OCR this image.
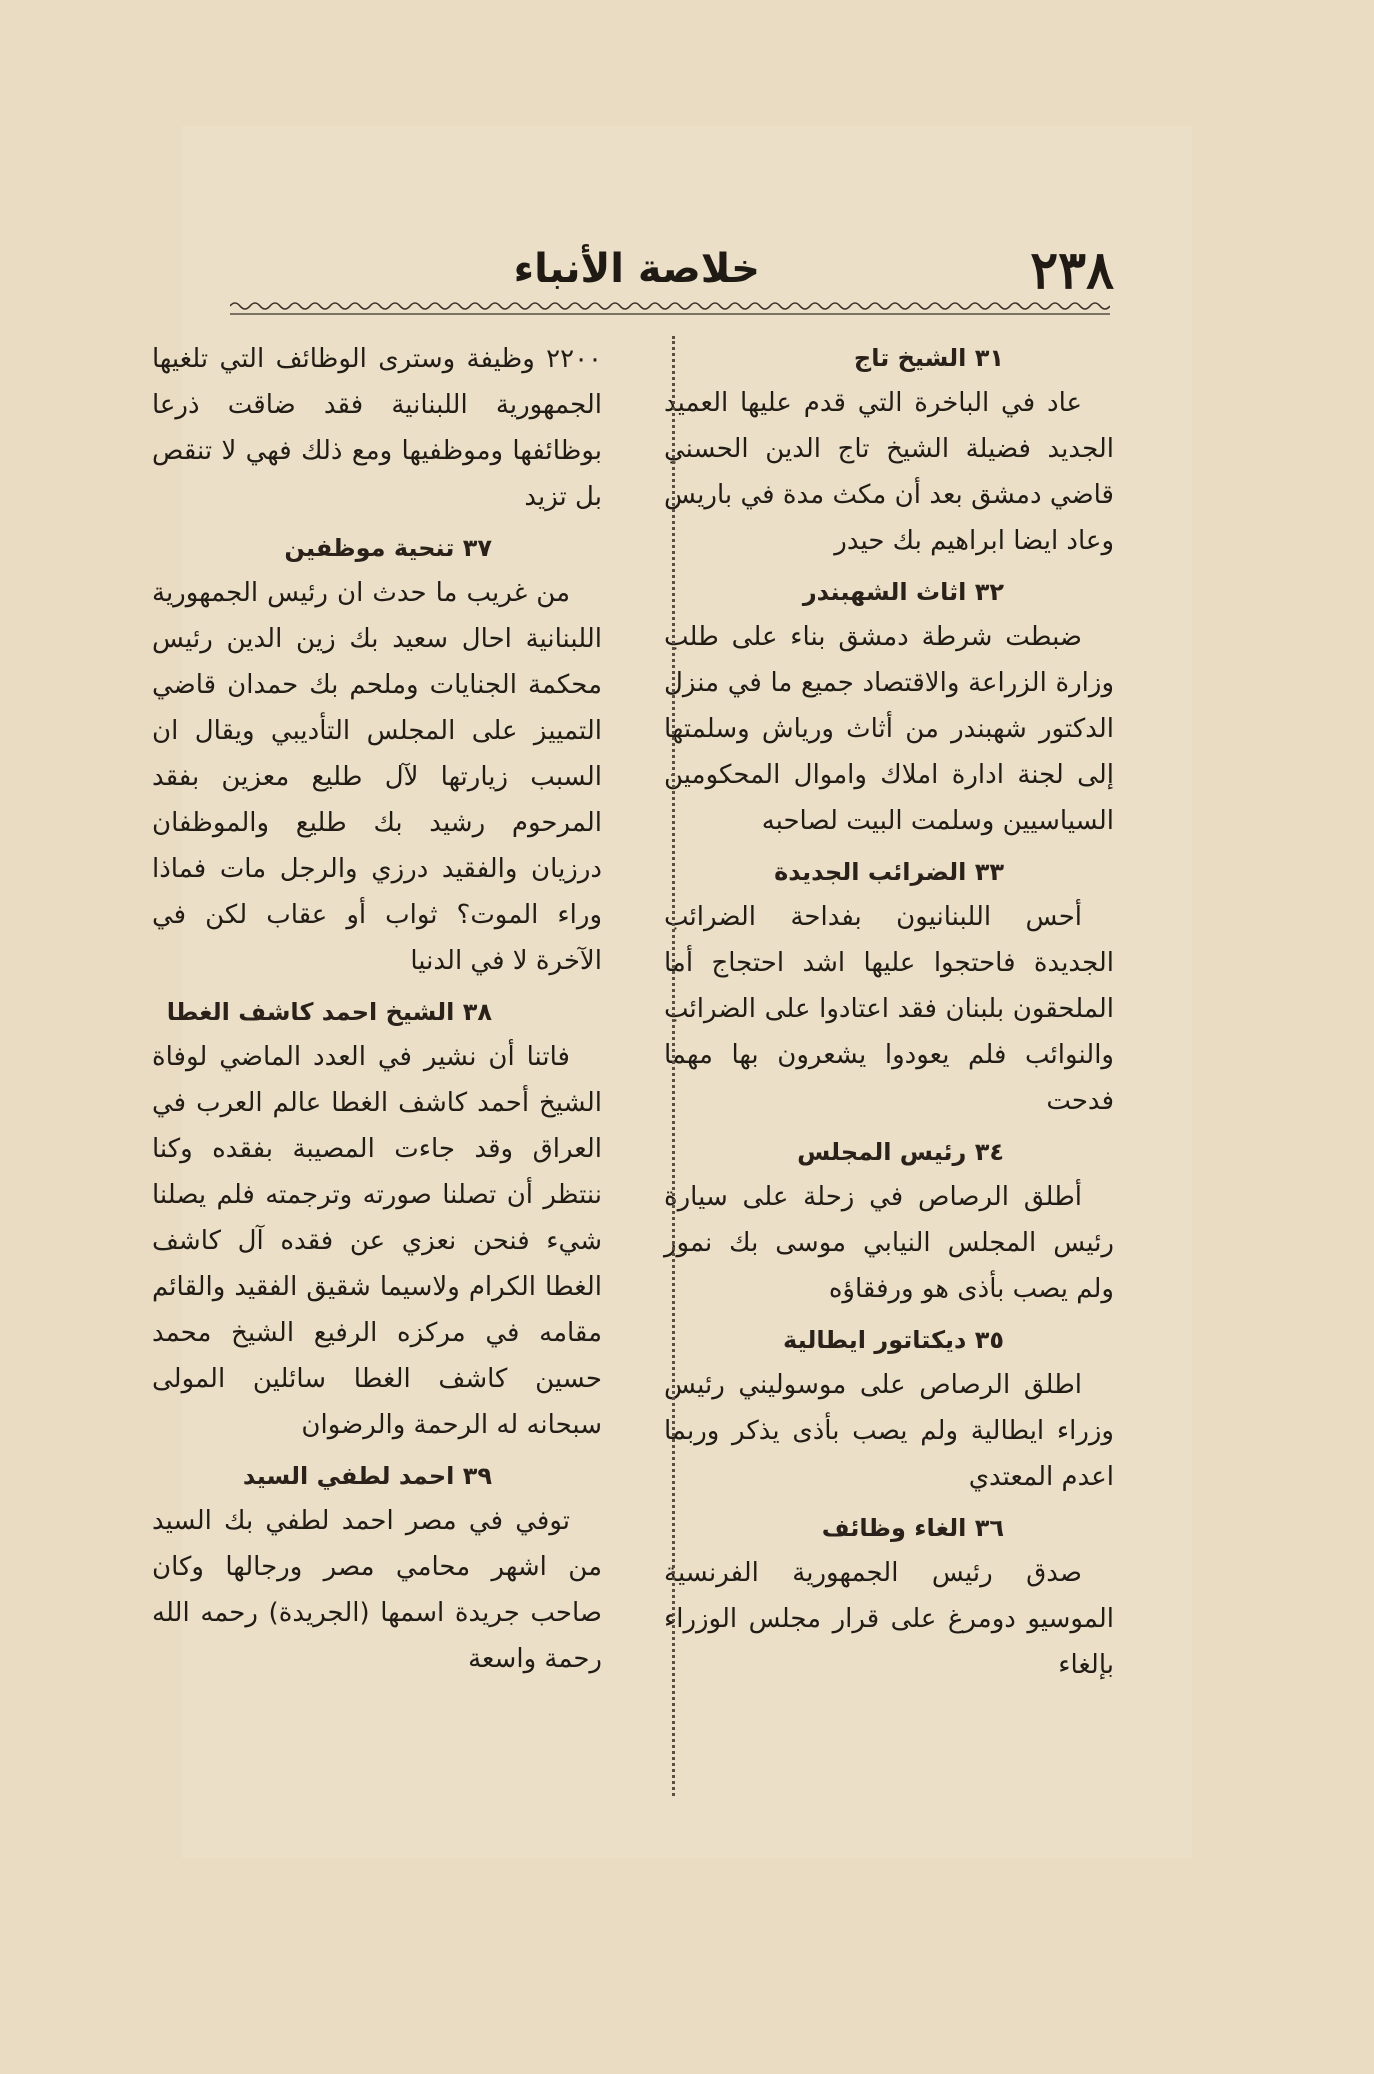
٢٣٨
خلاصة الأنباء

٣١ الشيخ تاج

عاد في الباخرة التي قدم عليها العميد الجديد فضيلة الشيخ تاج الدين الحسني قاضي دمشق بعد أن مكث مدة في باريس وعاد ايضا ابراهيم بك حيدر

٣٢ اثاث الشهبندر

ضبطت شرطة دمشق بناء على طلب وزارة الزراعة والاقتصاد جميع ما في منزل الدكتور شهبندر من أثاث ورياش وسلمتها إلى لجنة ادارة املاك واموال المحكومين السياسيين وسلمت البيت لصاحبه

٣٣ الضرائب الجديدة

أحس اللبنانيون بفداحة الضرائب الجديدة فاحتجوا عليها اشد احتجاج أما الملحقون بلبنان فقد اعتادوا على الضرائب والنوائب فلم يعودوا يشعرون بها مهما فدحت

٣٤ رئيس المجلس

أطلق الرصاص في زحلة على سيارة رئيس المجلس النيابي موسى بك نمور ولم يصب بأذى هو ورفقاؤه

٣٥ ديكتاتور ايطالية

اطلق الرصاص على موسوليني رئيس وزراء ايطالية ولم يصب بأذى يذكر وربما اعدم المعتدي

٣٦ الغاء وظائف

صدق رئيس الجمهورية الفرنسية الموسيو دومرغ على قرار مجلس الوزراء بإلغاء

٢٢٠٠ وظيفة وسترى الوظائف التي تلغيها الجمهورية اللبنانية فقد ضاقت ذرعا بوظائفها وموظفيها ومع ذلك فهي لا تنقص بل تزيد

٣٧ تنحية موظفين

من غريب ما حدث ان رئيس الجمهورية اللبنانية احال سعيد بك زين الدين رئيس محكمة الجنايات وملحم بك حمدان قاضي التمييز على المجلس التأديبي ويقال ان السبب زيارتها لآل طليع معزين بفقد المرحوم رشيد بك طليع والموظفان درزيان والفقيد درزي والرجل مات فماذا وراء الموت؟ ثواب أو عقاب لكن في الآخرة لا في الدنيا

٣٨ الشيخ احمد كاشف الغطا

فاتنا أن نشير في العدد الماضي لوفاة الشيخ أحمد كاشف الغطا عالم العرب في العراق وقد جاءت المصيبة بفقده وكنا ننتظر أن تصلنا صورته وترجمته فلم يصلنا شيء فنحن نعزي عن فقده آل كاشف الغطا الكرام ولاسيما شقيق الفقيد والقائم مقامه في مركزه الرفيع الشيخ محمد حسين كاشف الغطا سائلين المولى سبحانه له الرحمة والرضوان

٣٩ احمد لطفي السيد

توفي في مصر احمد لطفي بك السيد من اشهر محامي مصر ورجالها وكان صاحب جريدة اسمها (الجريدة) رحمه الله رحمة واسعة
